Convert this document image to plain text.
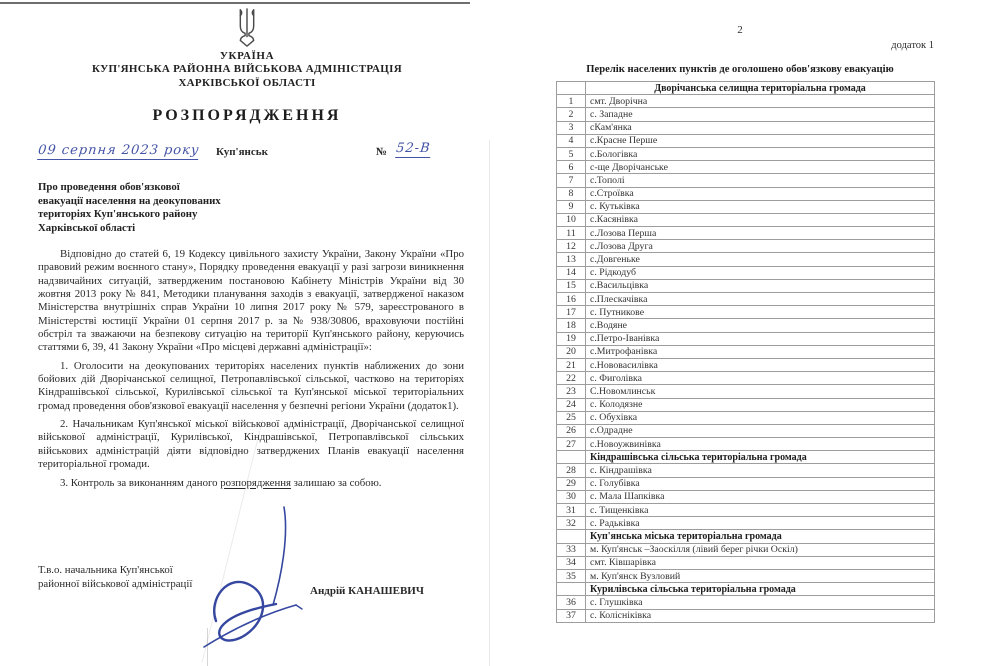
УКРАЇНА
КУП'ЯНСЬКА РАЙОННА ВІЙСЬКОВА АДМІНІСТРАЦІЯ
ХАРКІВСЬКОЇ ОБЛАСТІ
РОЗПОРЯДЖЕННЯ
09 серпня 2023 року Куп'янськ	№ 52-В
Про проведення обов'язкової
евакуації населення на деокупованих
територіях Куп'янського району
Харківської області

Відповідно до статей 6, 19 Кодексу цивільного захисту України, Закону України «Про правовий режим воєнного стану», Порядку проведення евакуації у разі загрози виникнення надзвичайних ситуацій, затвердженим постановою Кабінету Міністрів України від 30 жовтня 2013 року № 841, Методики планування заходів з евакуації, затвердженої наказом Міністерства внутрішніх справ України 10 липня 2017 року № 579, зареєстрованого в Міністерстві юстиції України 01 серпня 2017 р. за № 938/30806, враховуючи постійні обстріл та зважаючи на безпекову ситуацію на території Куп'янського району, керуючись статтями 6, 39, 41 Закону України «Про місцеві державні адміністрації»:

1. Оголосити на деокупованих територіях населених пунктів наближених до зони бойових дій Дворічанської селищної, Петропавлівської сільської, частково на територіях Кіндрашівської сільської, Курилівської сільської та Куп'янської міської територіальних громад проведення обов'язкової евакуації населення у безпечні регіони України (додаток1).

2. Начальникам Куп'янської міської військової адміністрації, Дворічанської селищної військової адміністрації, Курилівської, Кіндрашівської, Петропавлівської сільських військових адміністрацій діяти відповідно затверджених Планів евакуації населення територіальної громади.

3. Контроль за виконанням даного розпорядження залишаю за собою.

Т.в.о. начальника Куп'янської
районної військової адміністрації
Андрій КАНАШЕВИЧ
2
додаток 1
Перелік населених пунктів де оголошено обов'язкову евакуацію
	Дворічанська селищна територіальна громада
1	смт. Дворічна
2	с. Западне
3	сКам'янка
4	с.Красне Перше
5	с.Бологівка
6	с-ще Дворічанське
7	с.Тополі
8	с.Строївка
9	с. Кутьківка
10	с.Касянівка
11	с.Лозова Перша
12	с.Лозова Друга
13	с.Довгеньке
14	с. Рідкодуб
15	с.Васильцівка
16	с.Плескачівка
17	с. Путникове
18	с.Водяне
19	с.Петро-Іванівка
20	с.Митрофанівка
21	с.Нововасилівка
22	с. Фиголівка
23	С.Новомлинськ
24	с. Колодязне
25	с. Обухівка
26	с.Одрадне
27	с.Новоужвинівка
	Кіндрашівська сільська територіальна громада
28	с. Кіндрашівка
29	с. Голубівка
30	с. Мала Шапківка
31	с. Тищенківка
32	с. Радьківка
	Куп'янська міська територіальна громада
33	м. Куп'янськ –Заоскілля (лівий берег річки Оскіл)
34	смт. Ківшарівка
35	м. Куп'янск Вузловий
	Курилівська сільська територіальна громада
36	с. Глушківка
37	с. Колісніківка
